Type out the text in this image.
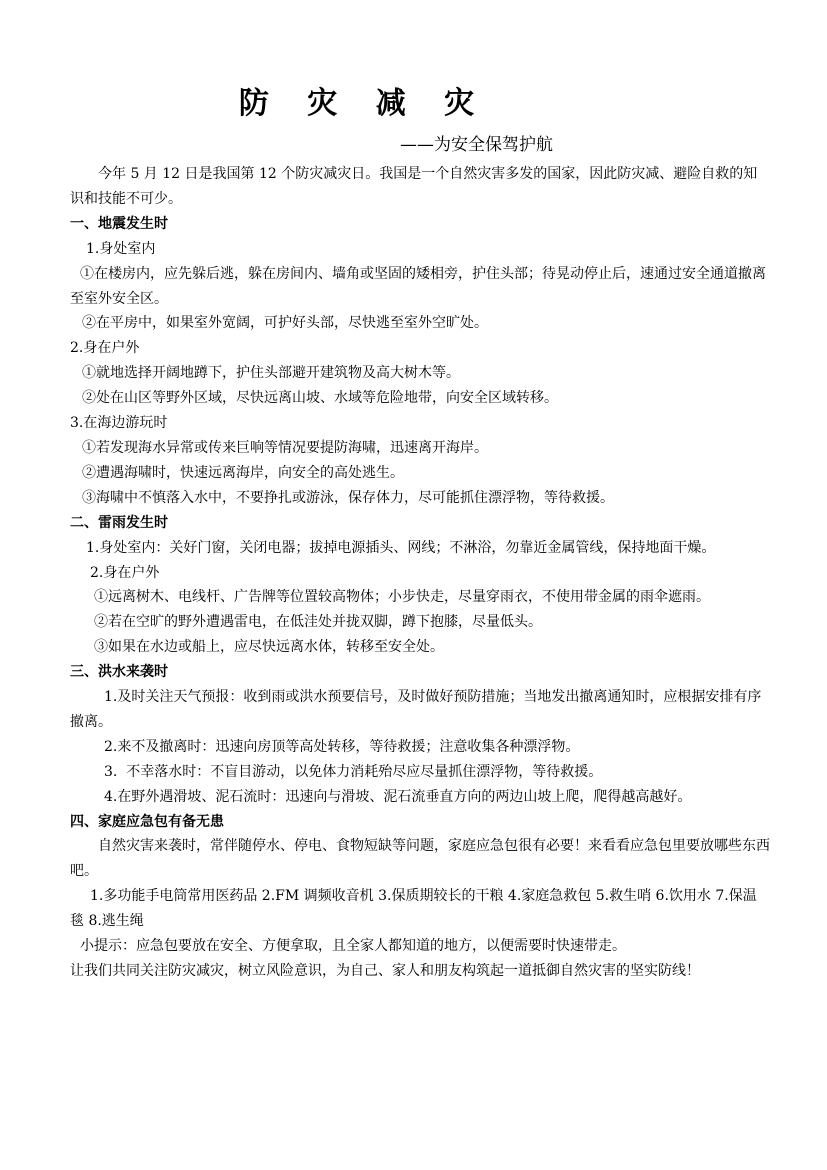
防 灾 减 灾
——为安全保驾护航

今年 5 月 12 日是我国第 12 个防灾减灾日。我国是一个自然灾害多发的国家，因此防灾减、避险自救的知识和技能不可少。

一、地震发生时

1.身处室内

①在楼房内，应先躲后逃，躲在房间内、墙角或坚固的矮相旁，护住头部；待晃动停止后，速通过安全通道撤离至室外安全区。

②在平房中，如果室外宽阔，可护好头部，尽快逃至室外空旷处。

2.身在户外

①就地选择开阔地蹲下，护住头部避开建筑物及高大树木等。

②处在山区等野外区域，尽快远离山坡、水域等危险地带，向安全区域转移。

3.在海边游玩时

①若发现海水异常或传来巨响等情况要提防海啸，迅速离开海岸。

②遭遇海啸时，快速远离海岸，向安全的高处逃生。

③海啸中不慎落入水中，不要挣扎或游泳，保存体力，尽可能抓住漂浮物，等待救援。

二、雷雨发生时

1.身处室内：关好门窗，关闭电器；拔掉电源插头、网线；不淋浴，勿靠近金属管线，保持地面干燥。

2.身在户外

①远离树木、电线杆、广告牌等位置较高物体；小步快走，尽量穿雨衣，不使用带金属的雨伞遮雨。

②若在空旷的野外遭遇雷电，在低洼处并拢双脚，蹲下抱膝，尽量低头。

③如果在水边或船上，应尽快远离水体，转移至安全处。

三、洪水来袭时

1.及时关注天气预报：收到雨或洪水预要信号，及时做好预防措施；当地发出撤离通知时，应根据安排有序撤离。

2.来不及撤离时：迅速向房顶等高处转移，等待救援；注意收集各种漂浮物。

3.  不幸落水时：不盲目游动，以免体力消耗殆尽应尽量抓住漂浮物，等待救援。

4.在野外遇滑坡、泥石流时：迅速向与滑坡、泥石流垂直方向的两边山坡上爬，爬得越高越好。

四、家庭应急包有备无患

自然灾害来袭时，常伴随停水、停电、食物短缺等问题，家庭应急包很有必要！来看看应急包里要放哪些东西吧。

1.多功能手电筒常用医药品 2.FM 调频收音机 3.保质期较长的干粮 4.家庭急救包 5.救生哨 6.饮用水 7.保温毯 8.逃生绳

小提示：应急包要放在安全、方便拿取，且全家人都知道的地方，以便需要时快速带走。

让我们共同关注防灾减灾，树立风险意识，为自己、家人和朋友构筑起一道抵御自然灾害的坚实防线！
